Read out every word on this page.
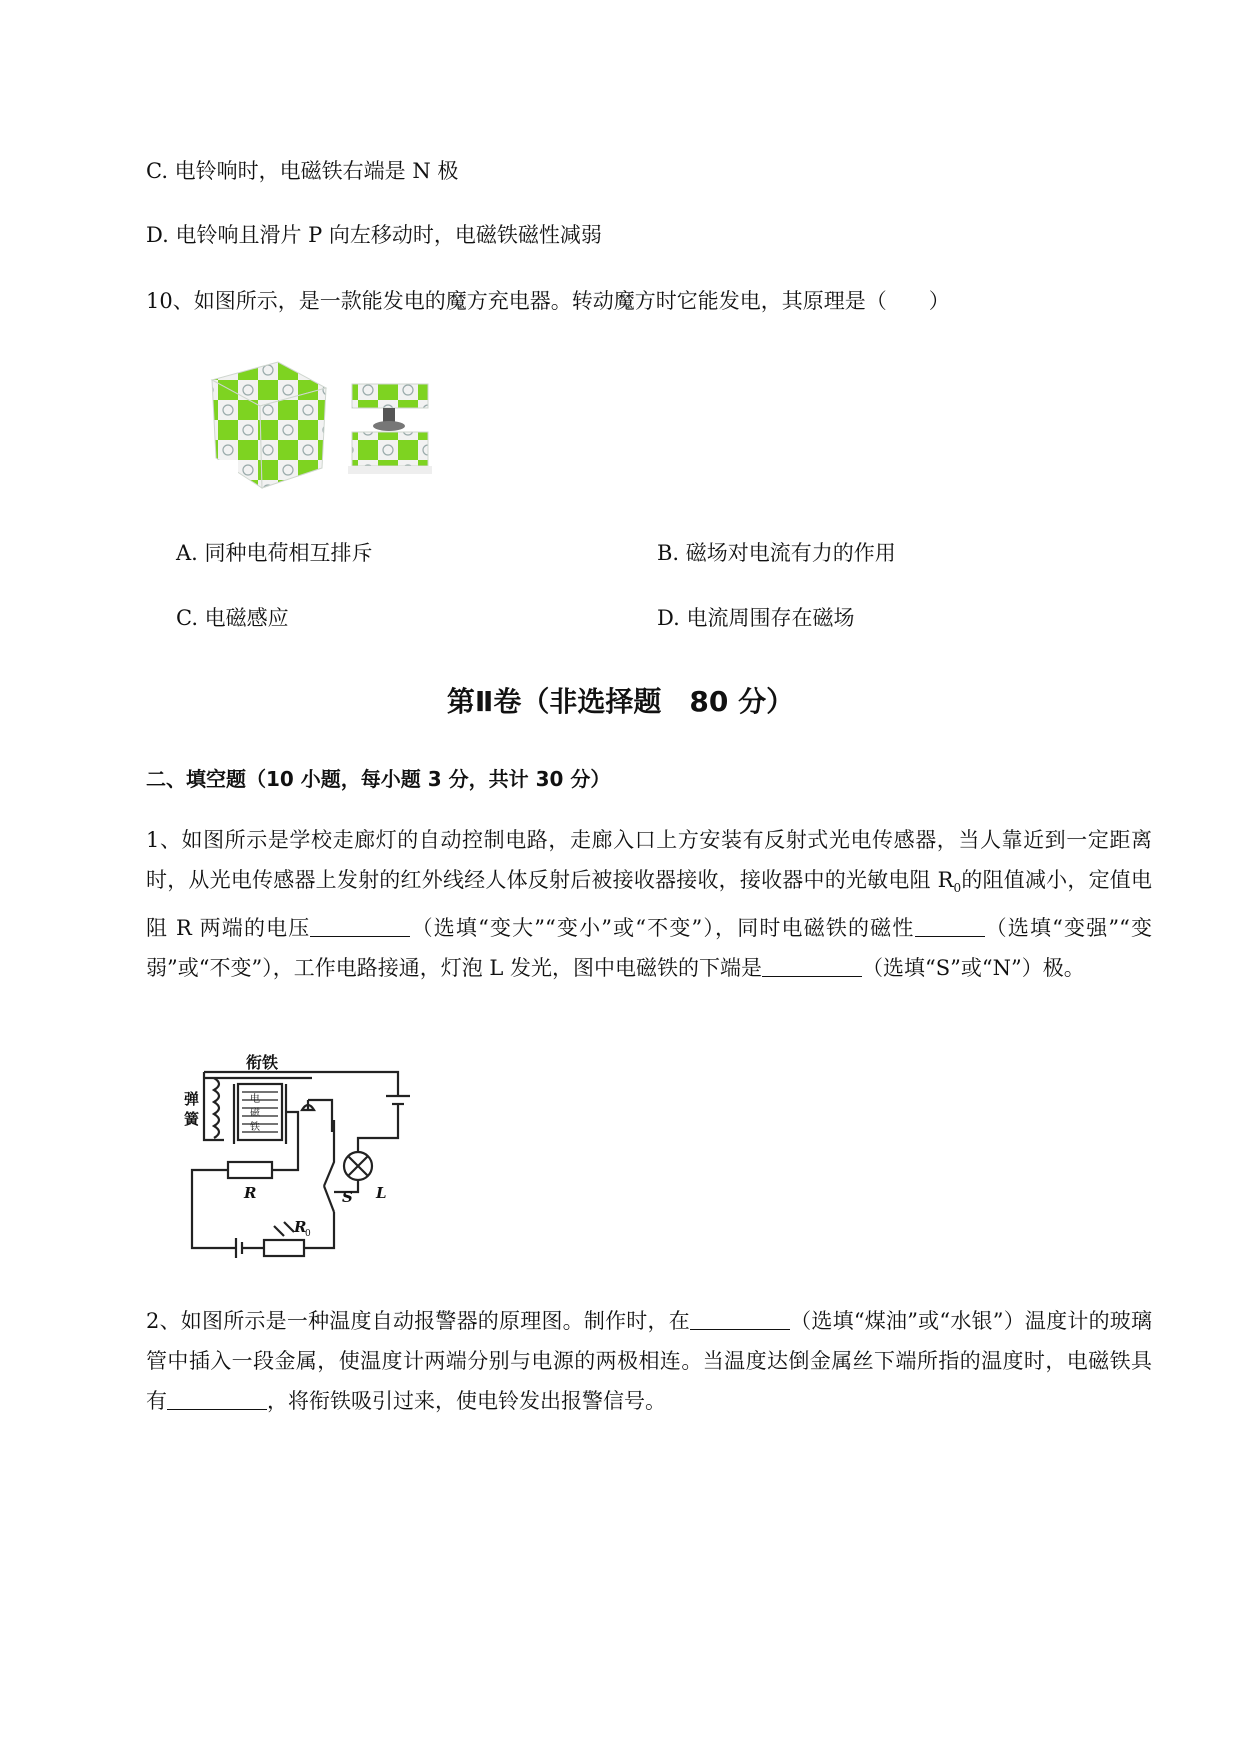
C. 电铃响时，电磁铁右端是 N 极
D. 电铃响且滑片 P 向左移动时，电磁铁磁性减弱
10、如图所示，是一款能发电的魔方充电器。转动魔方时它能发电，其原理是（　　）
A. 同种电荷相互排斥	B. 磁场对电流有力的作用
C. 电磁感应	D. 电流周围存在磁场
第Ⅱ卷（非选择题　80 分）
二、填空题（10 小题，每小题 3 分，共计 30 分）
1、如图所示是学校走廊灯的自动控制电路，走廊入口上方安装有反射式光电传感器，当人靠近到一定距离时，从光电传感器上发射的红外线经人体反射后被接收器接收，接收器中的光敏电阻 $R_0$的阻值减小，定值电阻 R 两端的电压	（选填“变大”“变小”或“不变”），同时电磁铁的磁性	（选填“变强”“变弱”或“不变”），工作电路接通，灯泡 L 发光，图中电磁铁的下端是	（选填“S”或“N”）极。
衔铁
弹
簧
电
磁
铁
R
R
0
S L
2、如图所示是一种温度自动报警器的原理图。制作时，在	（选填“煤油”或“水银”）温度计的玻璃管中插入一段金属，使温度计两端分别与电源的两极相连。当温度达倒金属丝下端所指的温度时，电磁铁具有	，将衔铁吸引过来，使电铃发出报警信号。
